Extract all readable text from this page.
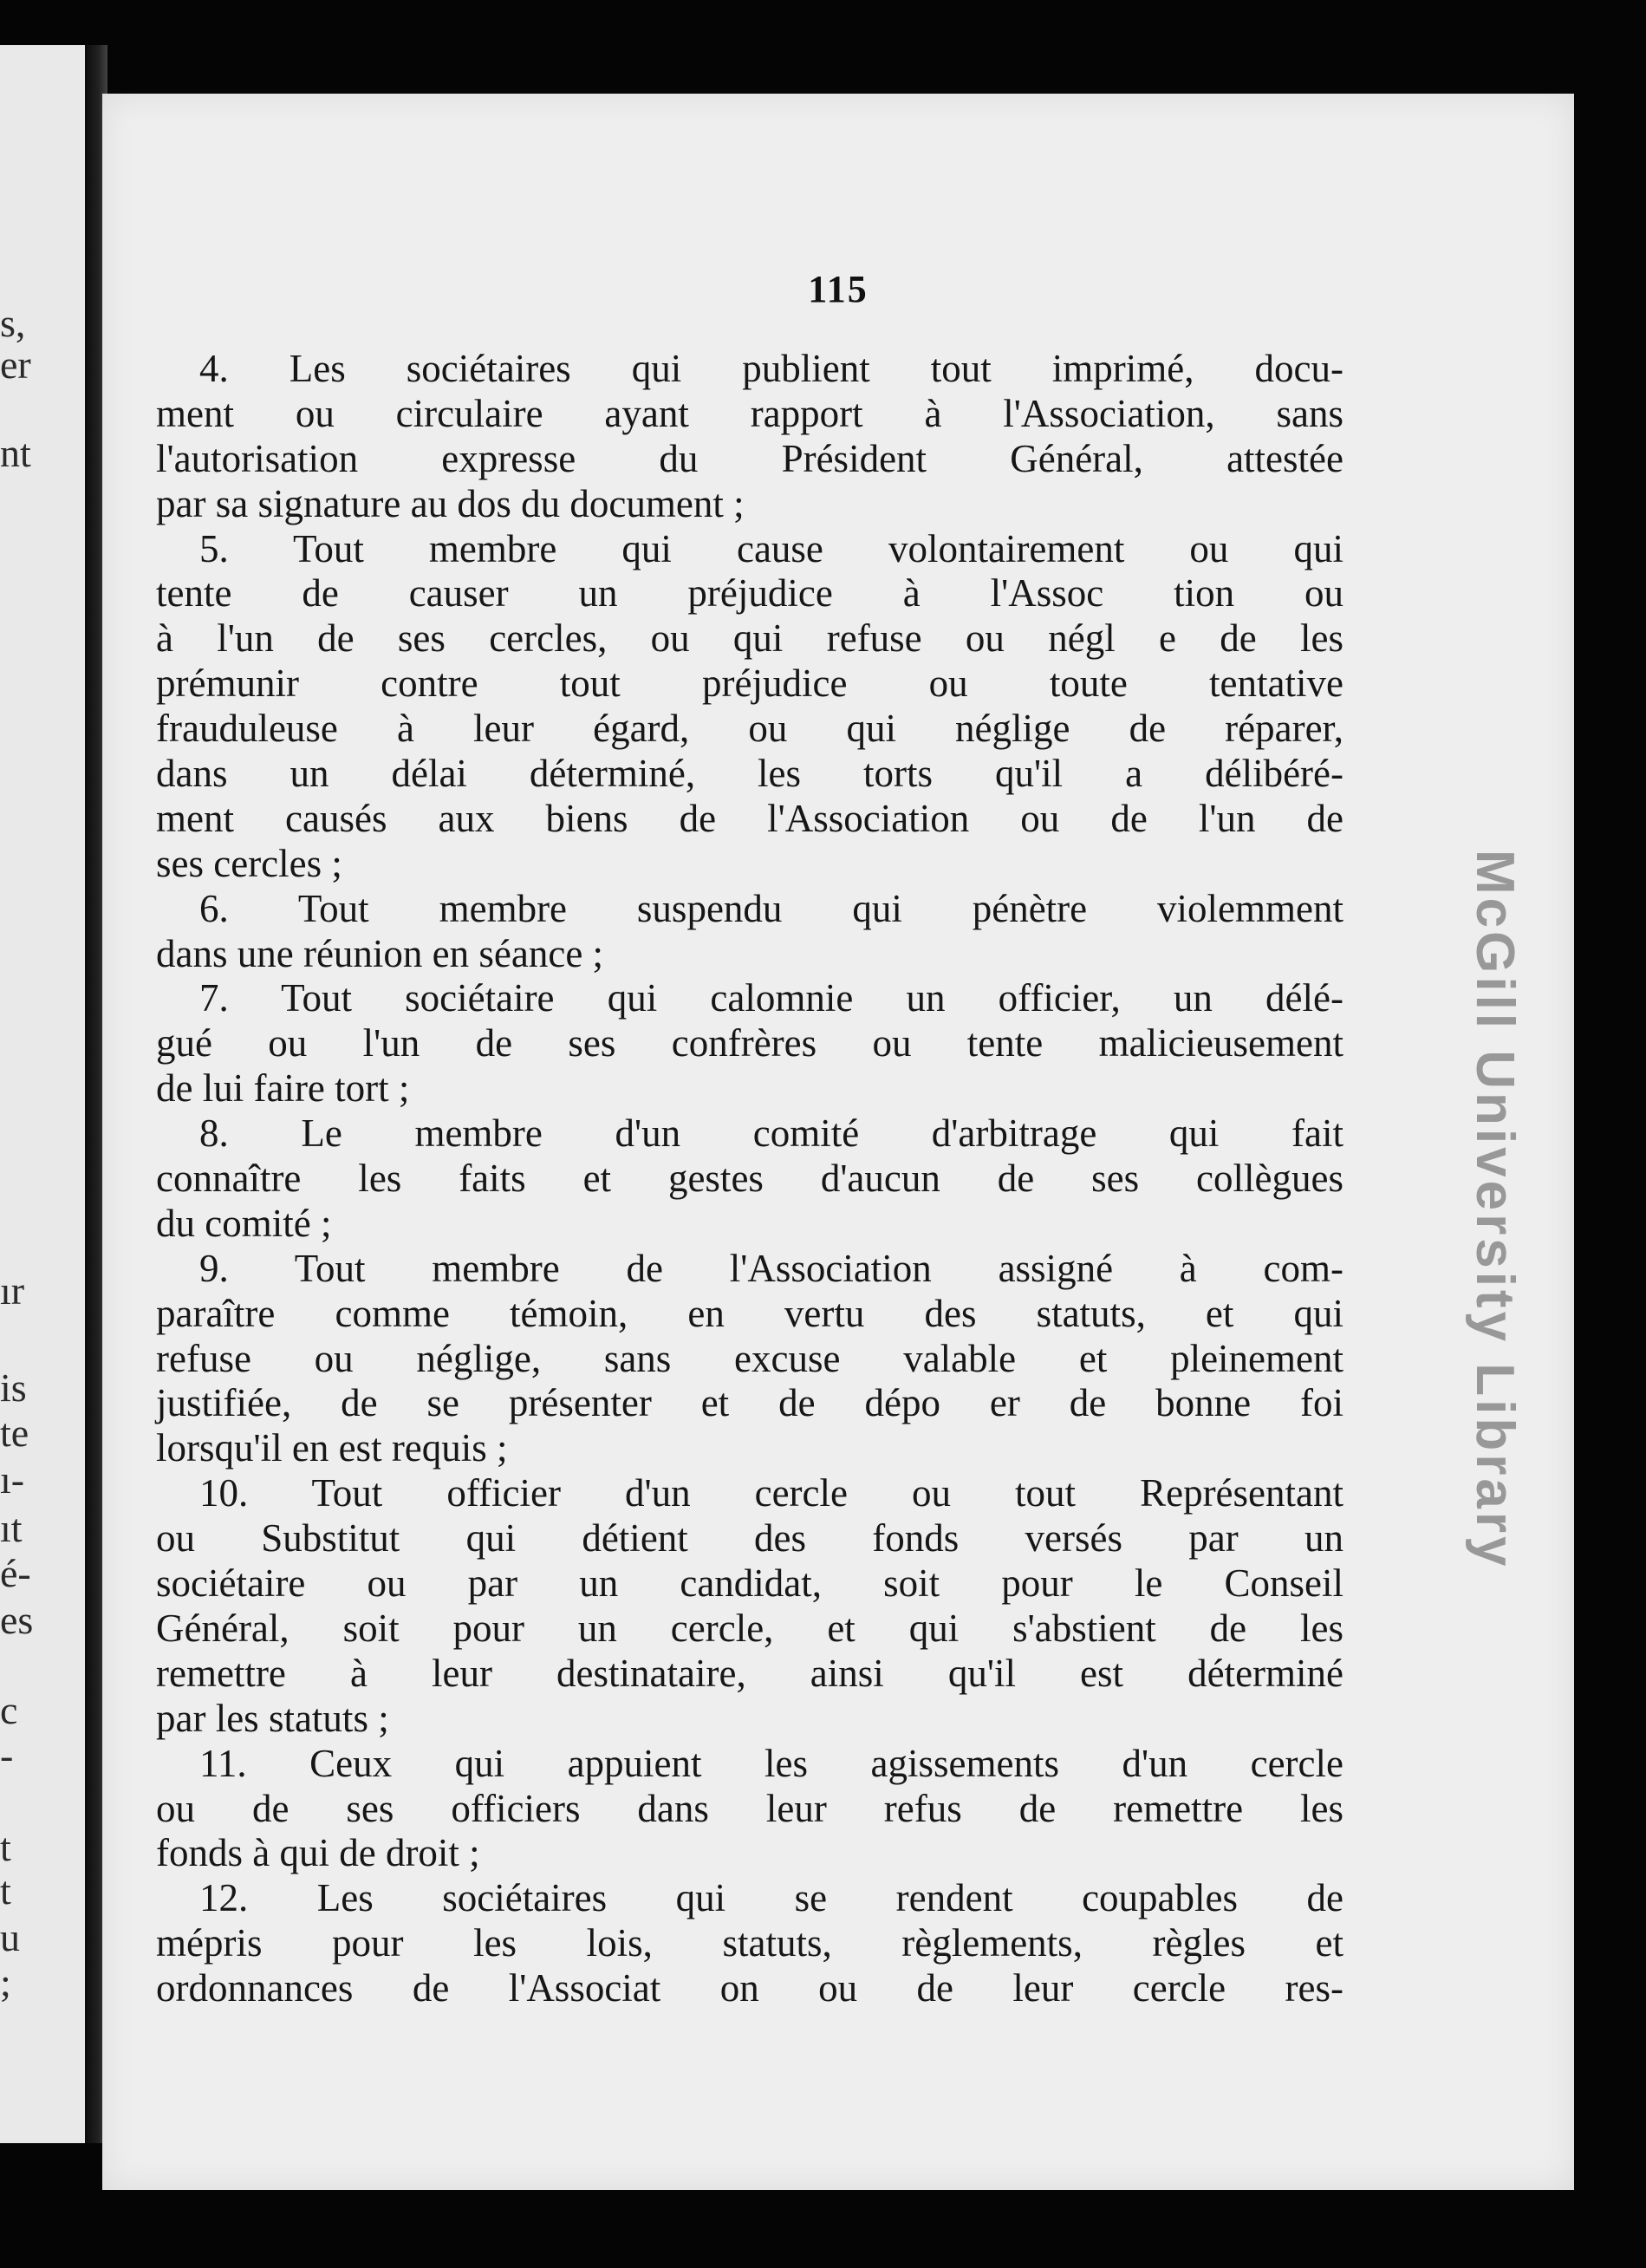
s,
er
nt
ır
is
te
ı-
ıt
é-
es
c
-
t
t
u
;
115
4. Les sociétaires qui publient tout imprimé, docu-
ment ou circulaire ayant rapport à l'Association, sans
l'autorisation expresse du Président Général, attestée
par sa signature au dos du document ;
5. Tout membre qui cause volontairement ou qui
tente de causer un préjudice à l'Assoc tion ou
à l'un de ses cercles, ou qui refuse ou négl e de les
prémunir contre tout préjudice ou toute tentative
frauduleuse à leur égard, ou qui néglige de réparer,
dans un délai déterminé, les torts qu'il a délibéré-
ment causés aux biens de l'Association ou de l'un de
ses cercles ;
6. Tout membre suspendu qui pénètre violemment
dans une réunion en séance ;
7. Tout sociétaire qui calomnie un officier, un délé-
gué ou l'un de ses confrères ou tente malicieusement
de lui faire tort ;
8. Le membre d'un comité d'arbitrage qui fait
connaître les faits et gestes d'aucun de ses collègues
du comité ;
9. Tout membre de l'Association assigné à com-
paraître comme témoin, en vertu des statuts, et qui
refuse ou néglige, sans excuse valable et pleinement
justifiée, de se présenter et de dépo er de bonne foi
lorsqu'il en est requis ;
10. Tout officier d'un cercle ou tout Représentant
ou Substitut qui détient des fonds versés par un
sociétaire ou par un candidat, soit pour le Conseil
Général, soit pour un cercle, et qui s'abstient de les
remettre à leur destinataire, ainsi qu'il est déterminé
par les statuts ;
11. Ceux qui appuient les agissements d'un cercle
ou de ses officiers dans leur refus de remettre les
fonds à qui de droit ;
12. Les sociétaires qui se rendent coupables de
mépris pour les lois, statuts, règlements, règles et
ordonnances de l'Associat on ou de leur cercle res-
McGill University Library
